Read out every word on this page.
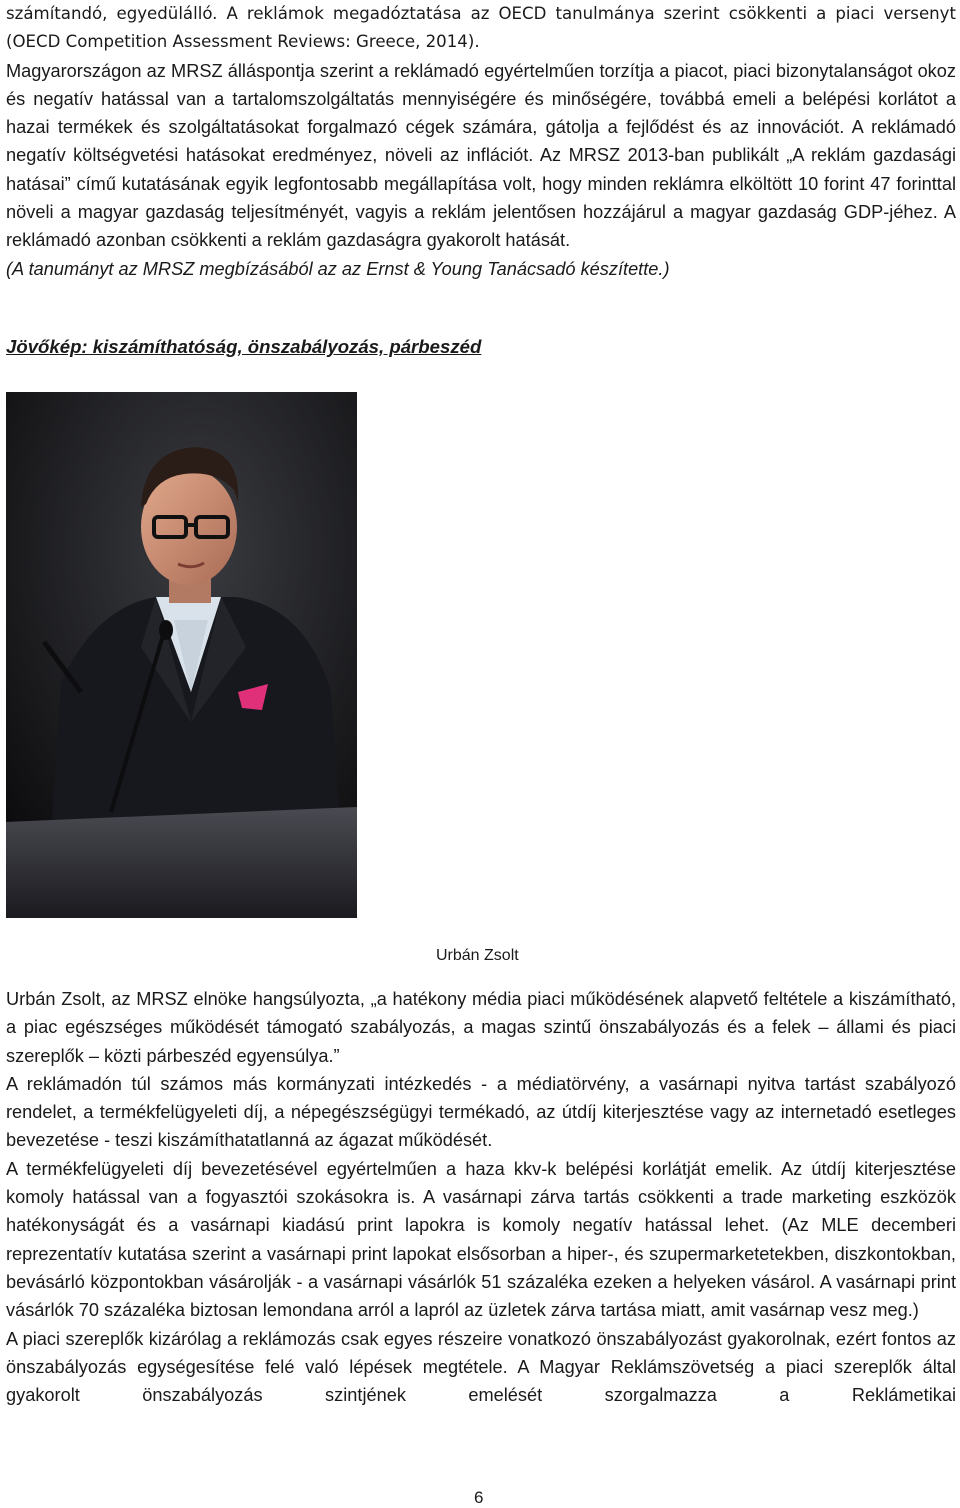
számítandó, egyedülálló. A reklámok megadóztatása az OECD tanulmánya szerint csökkenti a piaci versenyt (OECD Competition Assessment Reviews: Greece, 2014).

Magyarországon az MRSZ álláspontja szerint a reklámadó egyértelműen torzítja a piacot, piaci bizonytalanságot okoz és negatív hatással van a tartalomszolgáltatás mennyiségére és minőségére, továbbá emeli a belépési korlátot a hazai termékek és szolgáltatásokat forgalmazó cégek számára, gátolja a fejlődést és az innovációt. A reklámadó negatív költségvetési hatásokat eredményez, növeli az inflációt. Az MRSZ 2013-ban publikált „A reklám gazdasági hatásai” című kutatásának egyik legfontosabb megállapítása volt, hogy minden reklámra elköltött 10 forint 47 forinttal növeli a magyar gazdaság teljesítményét, vagyis a reklám jelentősen hozzájárul a magyar gazdaság GDP-jéhez. A reklámadó azonban csökkenti a reklám gazdaságra gyakorolt hatását.

(A tanumányt az MRSZ megbízásából az az Ernst & Young Tanácsadó készítette.)

Jövőkép: kiszámíthatóság, önszabályozás, párbeszéd

Urbán Zsolt

Urbán Zsolt, az MRSZ elnöke hangsúlyozta, „a hatékony média piaci működésének alapvető feltétele a kiszámítható, a piac egészséges működését támogató szabályozás, a magas szintű önszabályozás és a felek – állami és piaci szereplők – közti párbeszéd egyensúlya.”

A reklámadón túl számos más kormányzati intézkedés - a médiatörvény, a vasárnapi nyitva tartást szabályozó rendelet, a termékfelügyeleti díj, a népegészségügyi termékadó, az útdíj kiterjesztése vagy az internetadó esetleges bevezetése - teszi kiszámíthatatlanná az ágazat működését.

A termékfelügyeleti díj bevezetésével egyértelműen a haza kkv-k belépési korlátját emelik. Az útdíj kiterjesztése komoly hatással van a fogyasztói szokásokra is. A vasárnapi zárva tartás csökkenti a trade marketing eszközök hatékonyságát és a vasárnapi kiadású print lapokra is komoly negatív hatással lehet. (Az MLE decemberi reprezentatív kutatása szerint a vasárnapi print lapokat elsősorban a hiper-, és szupermarketetekben, diszkontokban, bevásárló központokban vásárolják - a vasárnapi vásárlók 51 százaléka ezeken a helyeken vásárol. A vasárnapi print vásárlók 70 százaléka biztosan lemondana arról a lapról az üzletek zárva tartása miatt, amit vasárnap vesz meg.)

A piaci szereplők kizárólag a reklámozás csak egyes részeire vonatkozó önszabályozást gyakorolnak, ezért fontos az önszabályozás egységesítése felé való lépések megtétele. A Magyar Reklámszövetség a piaci szereplők által gyakorolt önszabályozás szintjének emelését szorgalmazza a Reklámetikai

6
